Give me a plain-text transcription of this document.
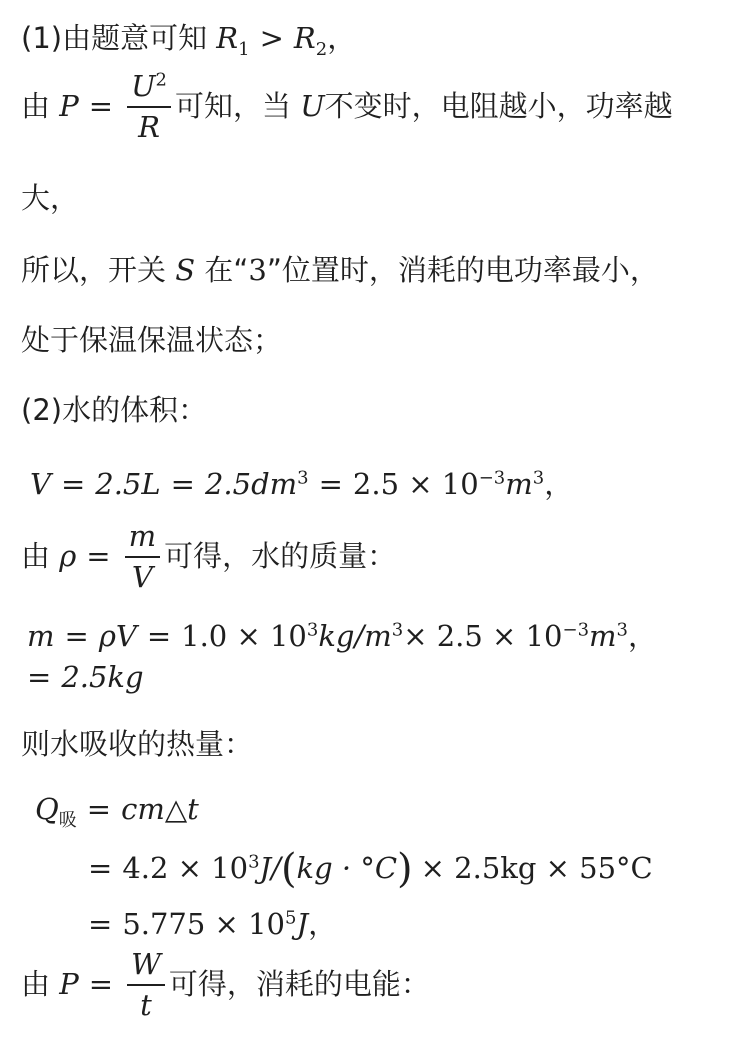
(1)由题意可知 $R_1 > R_2$，
由 $P = \frac{U^2}{R}$ 可知，当 U不变时，电阻越小，功率越
大，
所以，开关 S 在“3”位置时，消耗的电功率最小，
处于保温保温状态；
(2)水的体积：
$V = 2.5L = 2.5dm^3 = 2.5 \times 10^{-3}m^3$，
由 $\rho = \frac{m}{V}$ 可得，水的质量：
$m = \rho V = 1.0 \times 10^3kg/m^3\times 2.5 \times 10^{-3}m^3$，
= 2.5kg
则水吸收的热量：
$Q_吸$ = cm△t
= $4.2 \times 10^3J/(kg \cdot ^\circ C) \times 2.5kg \times 55^\circ C$
= $5.775 \times 10^5J$，
由 $P = \frac{W}{t}$ 可得，消耗的电能：
